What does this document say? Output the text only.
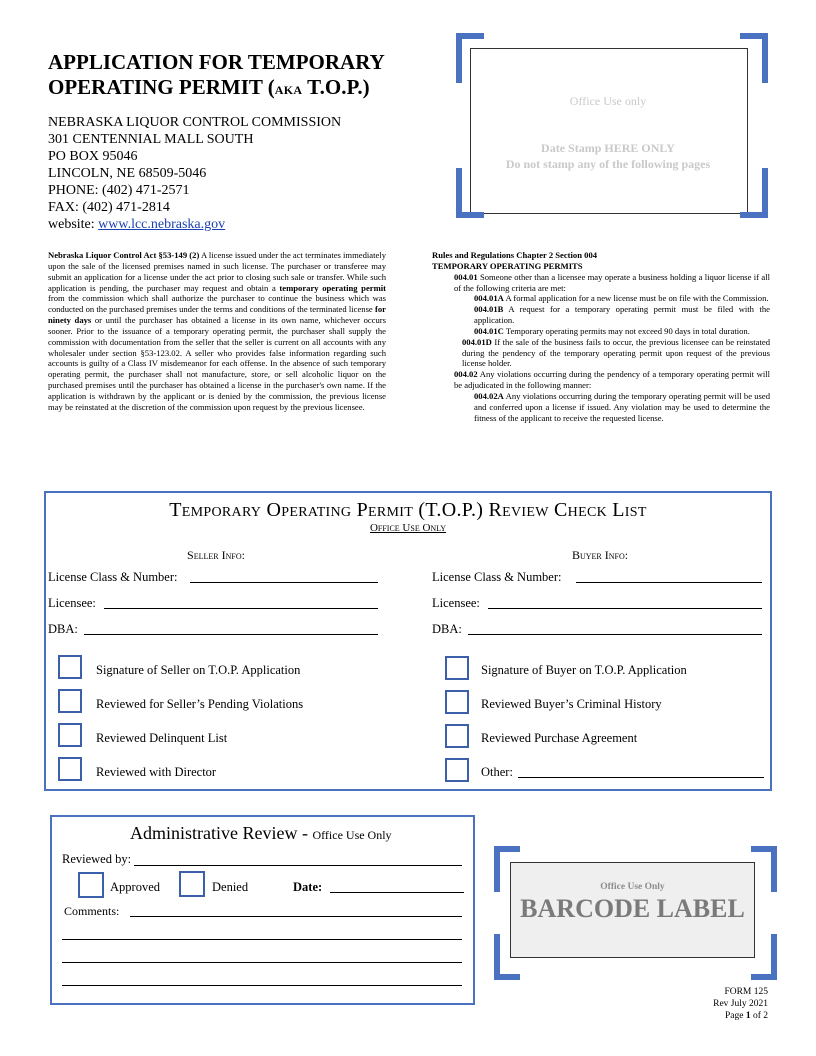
APPLICATION FOR TEMPORARY
OPERATING PERMIT (AKA T.O.P.)
NEBRASKA LIQUOR CONTROL COMMISSION
301 CENTENNIAL MALL SOUTH
PO BOX 95046
LINCOLN, NE 68509-5046
PHONE: (402) 471-2571
FAX: (402) 471-2814
website: www.lcc.nebraska.gov
Office Use only
Date Stamp HERE ONLY
Do not stamp any of the following pages
Nebraska Liquor Control Act §53-149 (2) A license issued under the act terminates immediately upon the sale of the licensed premises named in such license. The purchaser or transferee may submit an application for a license under the act prior to closing such sale or transfer. While such application is pending, the purchaser may request and obtain a temporary operating permit from the commission which shall authorize the purchaser to continue the business which was conducted on the purchased premises under the terms and conditions of the terminated license for ninety days or until the purchaser has obtained a license in its own name, whichever occurs sooner. Prior to the issuance of a temporary operating permit, the purchaser shall supply the commission with documentation from the seller that the seller is current on all accounts with any wholesaler under section §53-123.02. A seller who provides false information regarding such accounts is guilty of a Class IV misdemeanor for each offense. In the absence of such temporary operating permit, the purchaser shall not manufacture, store, or sell alcoholic liquor on the purchased premises until the purchaser has obtained a license in the purchaser's own name. If the application is withdrawn by the applicant or is denied by the commission, the previous license may be reinstated at the discretion of the commission upon request by the previous licensee.

Rules and Regulations Chapter 2 Section 004

TEMPORARY OPERATING PERMITS

004.01 Someone other than a licensee may operate a business holding a liquor license if all of the following criteria are met:

004.01A A formal application for a new license must be on file with the Commission.

004.01B A request for a temporary operating permit must be filed with the application.

004.01C Temporary operating permits may not exceed 90 days in total duration.

004.01D If the sale of the business fails to occur, the previous licensee can be reinstated during the pendency of the temporary operating permit upon request of the previous license holder.

004.02 Any violations occurring during the pendency of a temporary operating permit will be adjudicated in the following manner:

004.02A Any violations occurring during the temporary operating permit will be used and conferred upon a license if issued. Any violation may be used to determine the fitness of the applicant to receive the requested license.

Temporary Operating Permit (T.O.P.) Review Check List
Office Use Only
Seller Info:	Buyer Info:
License Class & Number:
Licensee:
DBA:
License Class & Number:
Licensee:
DBA:
Signature of Seller on T.O.P. Application
Reviewed for Seller’s Pending Violations
Reviewed Delinquent List
Reviewed with Director
Signature of Buyer on T.O.P. Application
Reviewed Buyer’s Criminal History
Reviewed Purchase Agreement
Other:
Administrative Review - Office Use Only
Reviewed by:
Approved	Denied	Date:
Comments:
Office Use Only
BARCODE LABEL
FORM 125
Rev July 2021
Page 1 of 2
